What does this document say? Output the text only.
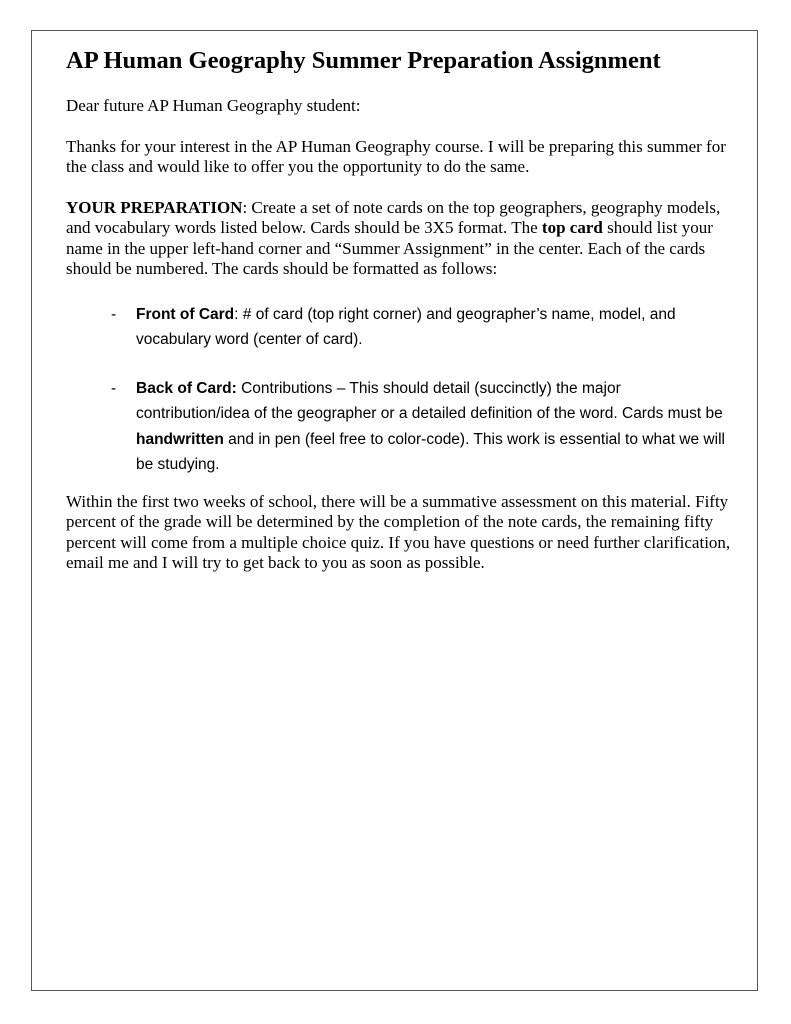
AP Human Geography Summer Preparation Assignment

Dear future AP Human Geography student:

Thanks for your interest in the AP Human Geography course. I will be preparing this summer for the class and would like to offer you the opportunity to do the same.

YOUR PREPARATION: Create a set of note cards on the top geographers, geography models, and vocabulary words listed below. Cards should be 3X5 format. The top card should list your name in the upper left-hand corner and “Summer Assignment” in the center. Each of the cards should be numbered. The cards should be formatted as follows:

- Front of Card: # of card (top right corner) and geographer’s name, model, and vocabulary word (center of card).
- Back of Card: Contributions – This should detail (succinctly) the major contribution/idea of the geographer or a detailed definition of the word. Cards must be handwritten and in pen (feel free to color-code). This work is essential to what we will be studying.

Within the first two weeks of school, there will be a summative assessment on this material. Fifty percent of the grade will be determined by the completion of the note cards, the remaining fifty percent will come from a multiple choice quiz. If you have questions or need further clarification, email me and I will try to get back to you as soon as possible.
